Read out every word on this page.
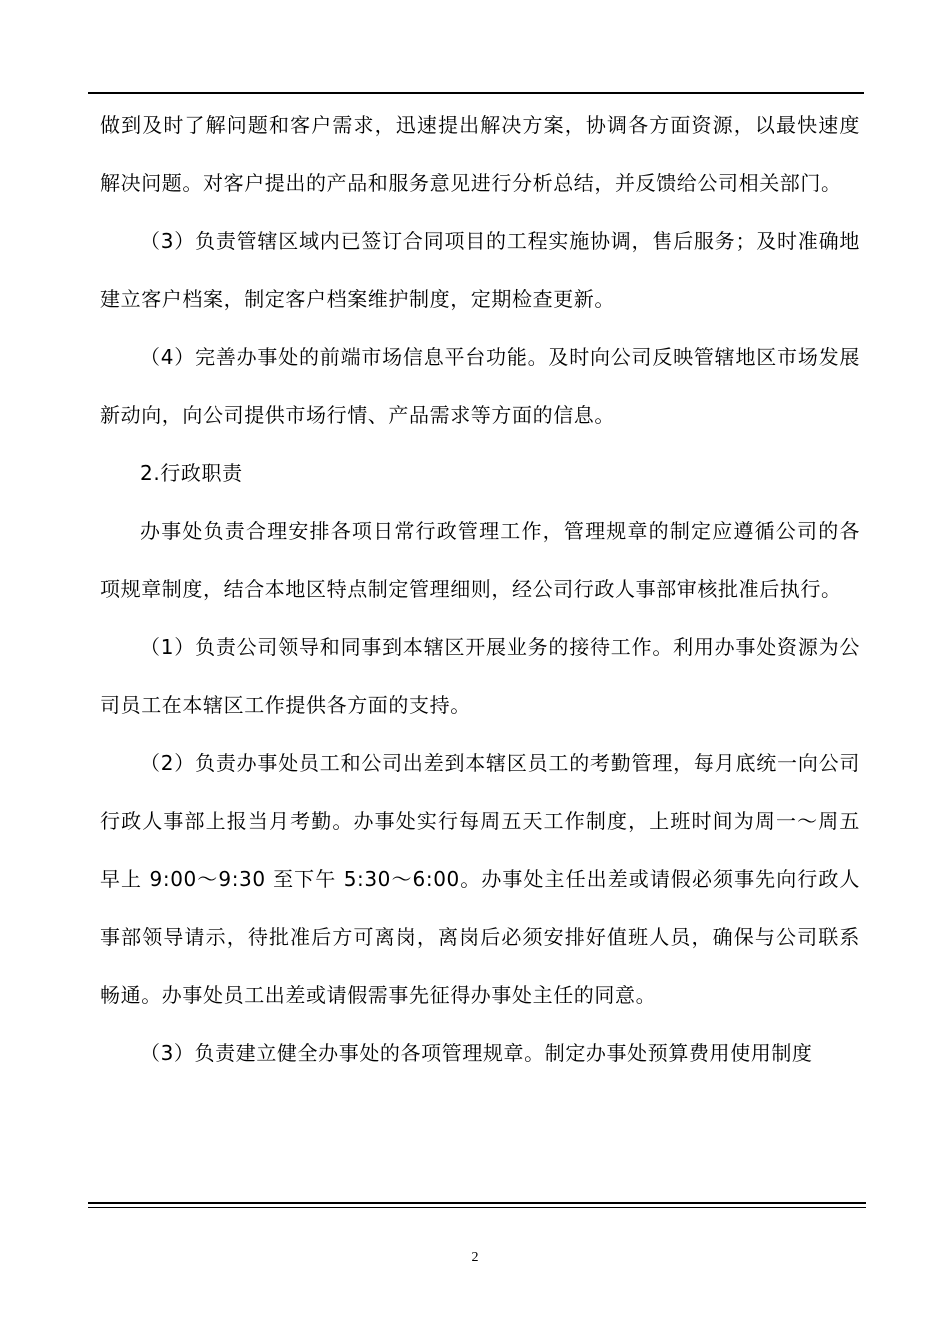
做到及时了解问题和客户需求，迅速提出解决方案，协调各方面资源，以最快速度解决问题。对客户提出的产品和服务意见进行分析总结，并反馈给公司相关部门。

（3）负责管辖区域内已签订合同项目的工程实施协调，售后服务；及时准确地建立客户档案，制定客户档案维护制度，定期检查更新。

（4）完善办事处的前端市场信息平台功能。及时向公司反映管辖地区市场发展新动向，向公司提供市场行情、产品需求等方面的信息。

2.行政职责

办事处负责合理安排各项日常行政管理工作，管理规章的制定应遵循公司的各项规章制度，结合本地区特点制定管理细则，经公司行政人事部审核批准后执行。

（1）负责公司领导和同事到本辖区开展业务的接待工作。利用办事处资源为公司员工在本辖区工作提供各方面的支持。

（2）负责办事处员工和公司出差到本辖区员工的考勤管理，每月底统一向公司行政人事部上报当月考勤。办事处实行每周五天工作制度，上班时间为周一～周五早上 9:00～9:30 至下午 5:30～6:00。办事处主任出差或请假必须事先向行政人事部领导请示，待批准后方可离岗，离岗后必须安排好值班人员，确保与公司联系畅通。办事处员工出差或请假需事先征得办事处主任的同意。

（3）负责建立健全办事处的各项管理规章。制定办事处预算费用使用制度

2
